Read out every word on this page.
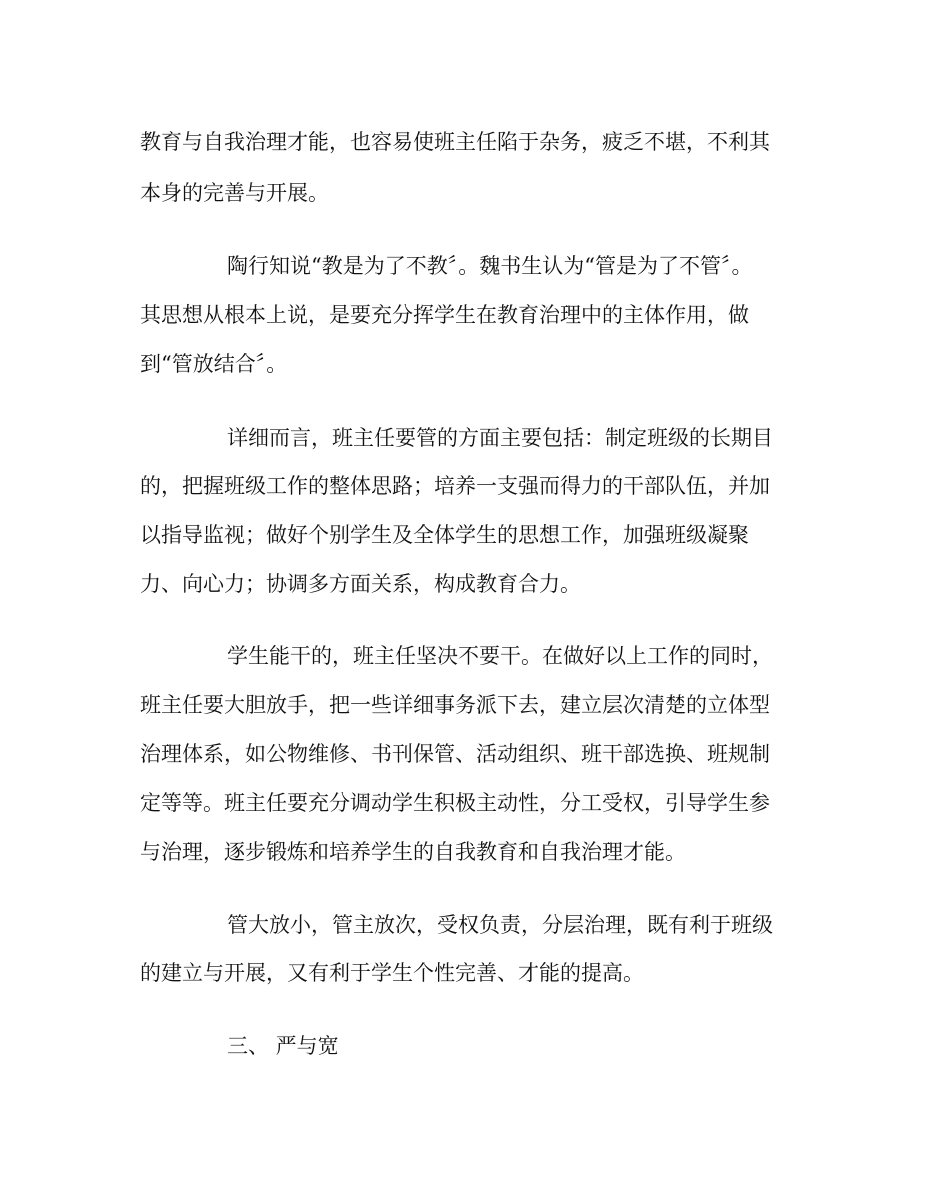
教育与自我治理才能，也容易使班主任陷于杂务，疲乏不堪，不利其

本身的完善与开展。

陶行知说“教是为了不教〞。魏书生认为“管是为了不管〞。

其思想从根本上说，是要充分挥学生在教育治理中的主体作用，做

到“管放结合〞。

详细而言，班主任要管的方面主要包括：制定班级的长期目

的，把握班级工作的整体思路；培养一支强而得力的干部队伍，并加

以指导监视；做好个别学生及全体学生的思想工作，加强班级凝聚

力、向心力；协调多方面关系，构成教育合力。

学生能干的，班主任坚决不要干。在做好以上工作的同时，

班主任要大胆放手，把一些详细事务派下去，建立层次清楚的立体型

治理体系，如公物维修、书刊保管、活动组织、班干部选换、班规制

定等等。班主任要充分调动学生积极主动性，分工受权，引导学生参

与治理，逐步锻炼和培养学生的自我教育和自我治理才能。

管大放小，管主放次，受权负责，分层治理，既有利于班级

的建立与开展，又有利于学生个性完善、才能的提高。

三、 严与宽
